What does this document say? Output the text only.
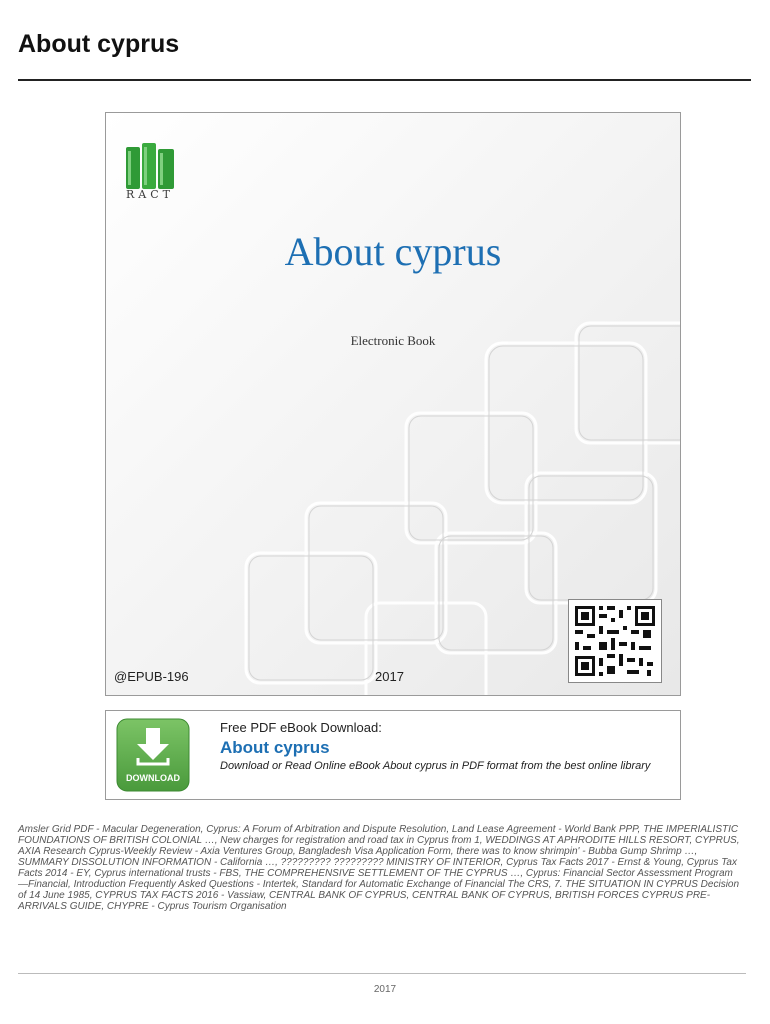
About cyprus
RACT
About cyprus
Electronic Book
@EPUB-196	2017
DOWNLOAD
Free PDF eBook Download:
About cyprus
Download or Read Online eBook About cyprus in PDF format from the best online library
Amsler Grid PDF - Macular Degeneration, Cyprus: A Forum of Arbitration and Dispute Resolution, Land Lease Agreement - World Bank PPP, THE IMPERIALISTIC FOUNDATIONS OF BRITISH COLONIAL …, New charges for registration and road tax in Cyprus from 1, WEDDINGS AT APHRODITE HILLS RESORT, CYPRUS, AXIA Research Cyprus-Weekly Review - Axia Ventures Group, Bangladesh Visa Application Form, there was to know shrimpin' - Bubba Gump Shrimp …, SUMMARY DISSOLUTION INFORMATION - California …, ????????? ????????? MINISTRY OF INTERIOR, Cyprus Tax Facts 2017 - Ernst & Young, Cyprus Tax Facts 2014 - EY, Cyprus international trusts - FBS, THE COMPREHENSIVE SETTLEMENT OF THE CYPRUS …, Cyprus: Financial Sector Assessment Program—Financial, Introduction Frequently Asked Questions - Intertek, Standard for Automatic Exchange of Financial The CRS, 7. THE SITUATION IN CYPRUS Decision of 14 June 1985, CYPRUS TAX FACTS 2016 - Vassiaw, CENTRAL BANK OF CYPRUS, CENTRAL BANK OF CYPRUS, BRITISH FORCES CYPRUS PRE-ARRIVALS GUIDE, CHYPRE - Cyprus Tourism Organisation
2017
